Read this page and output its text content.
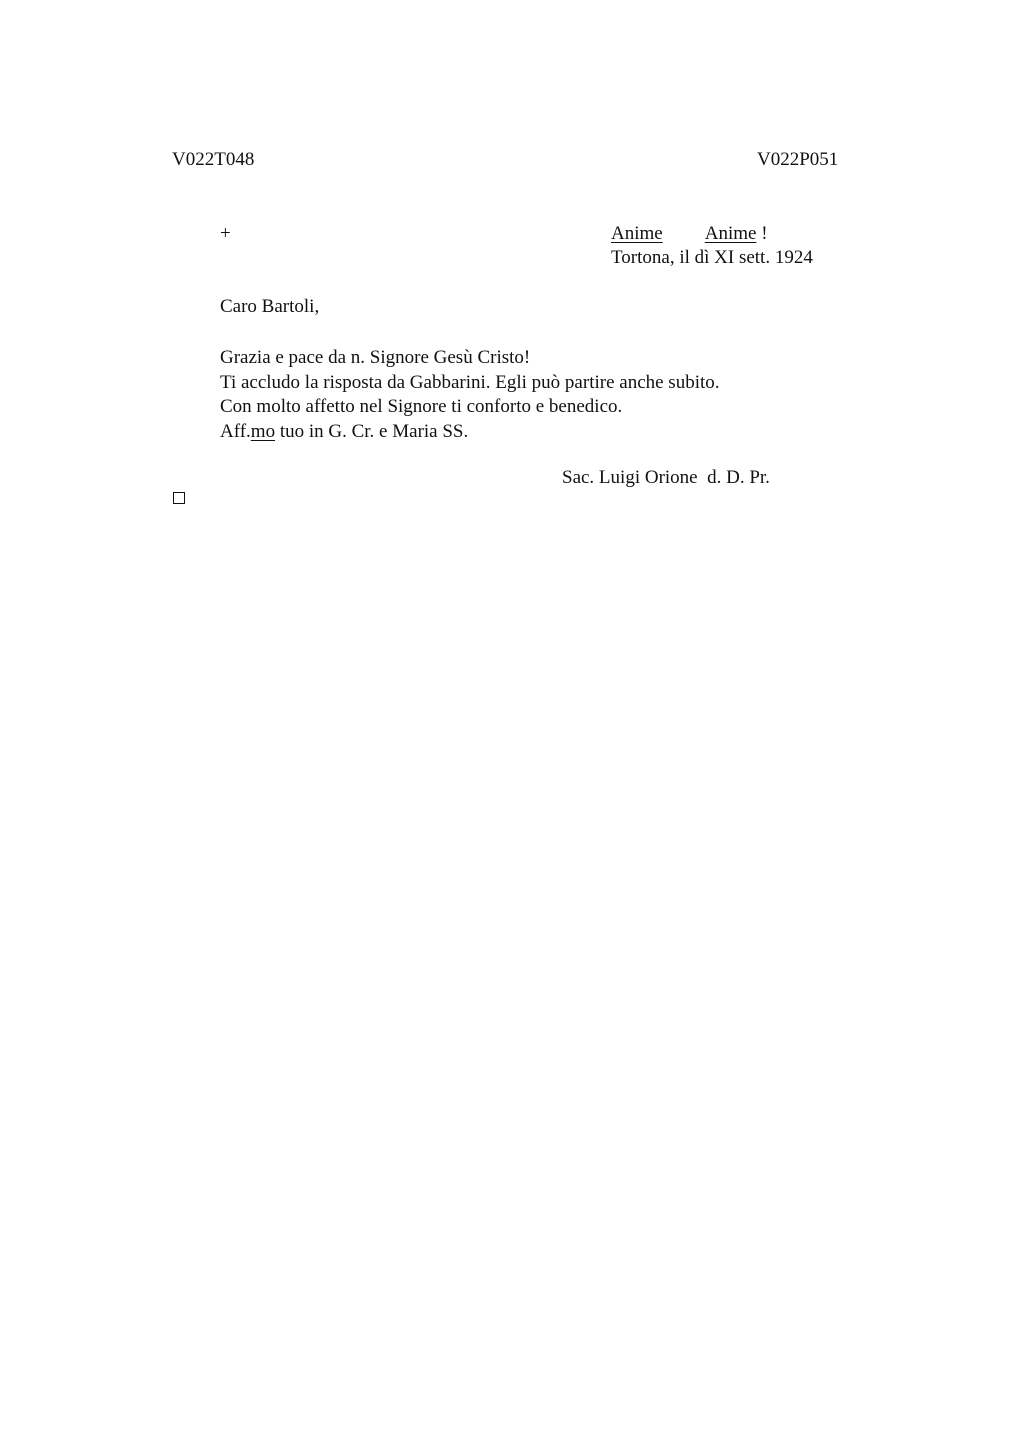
V022T048	V022P051
+	Anime Anime !
Tortona, il dì XI sett. 1924
Caro Bartoli,
Grazia e pace da n. Signore Gesù Cristo!
Ti accludo la risposta da Gabbarini. Egli può partire anche subito.
Con molto affetto nel Signore ti conforto e benedico.
Aff.mo tuo in G. Cr. e Maria SS.
Sac. Luigi Orione  d. D. Pr.
